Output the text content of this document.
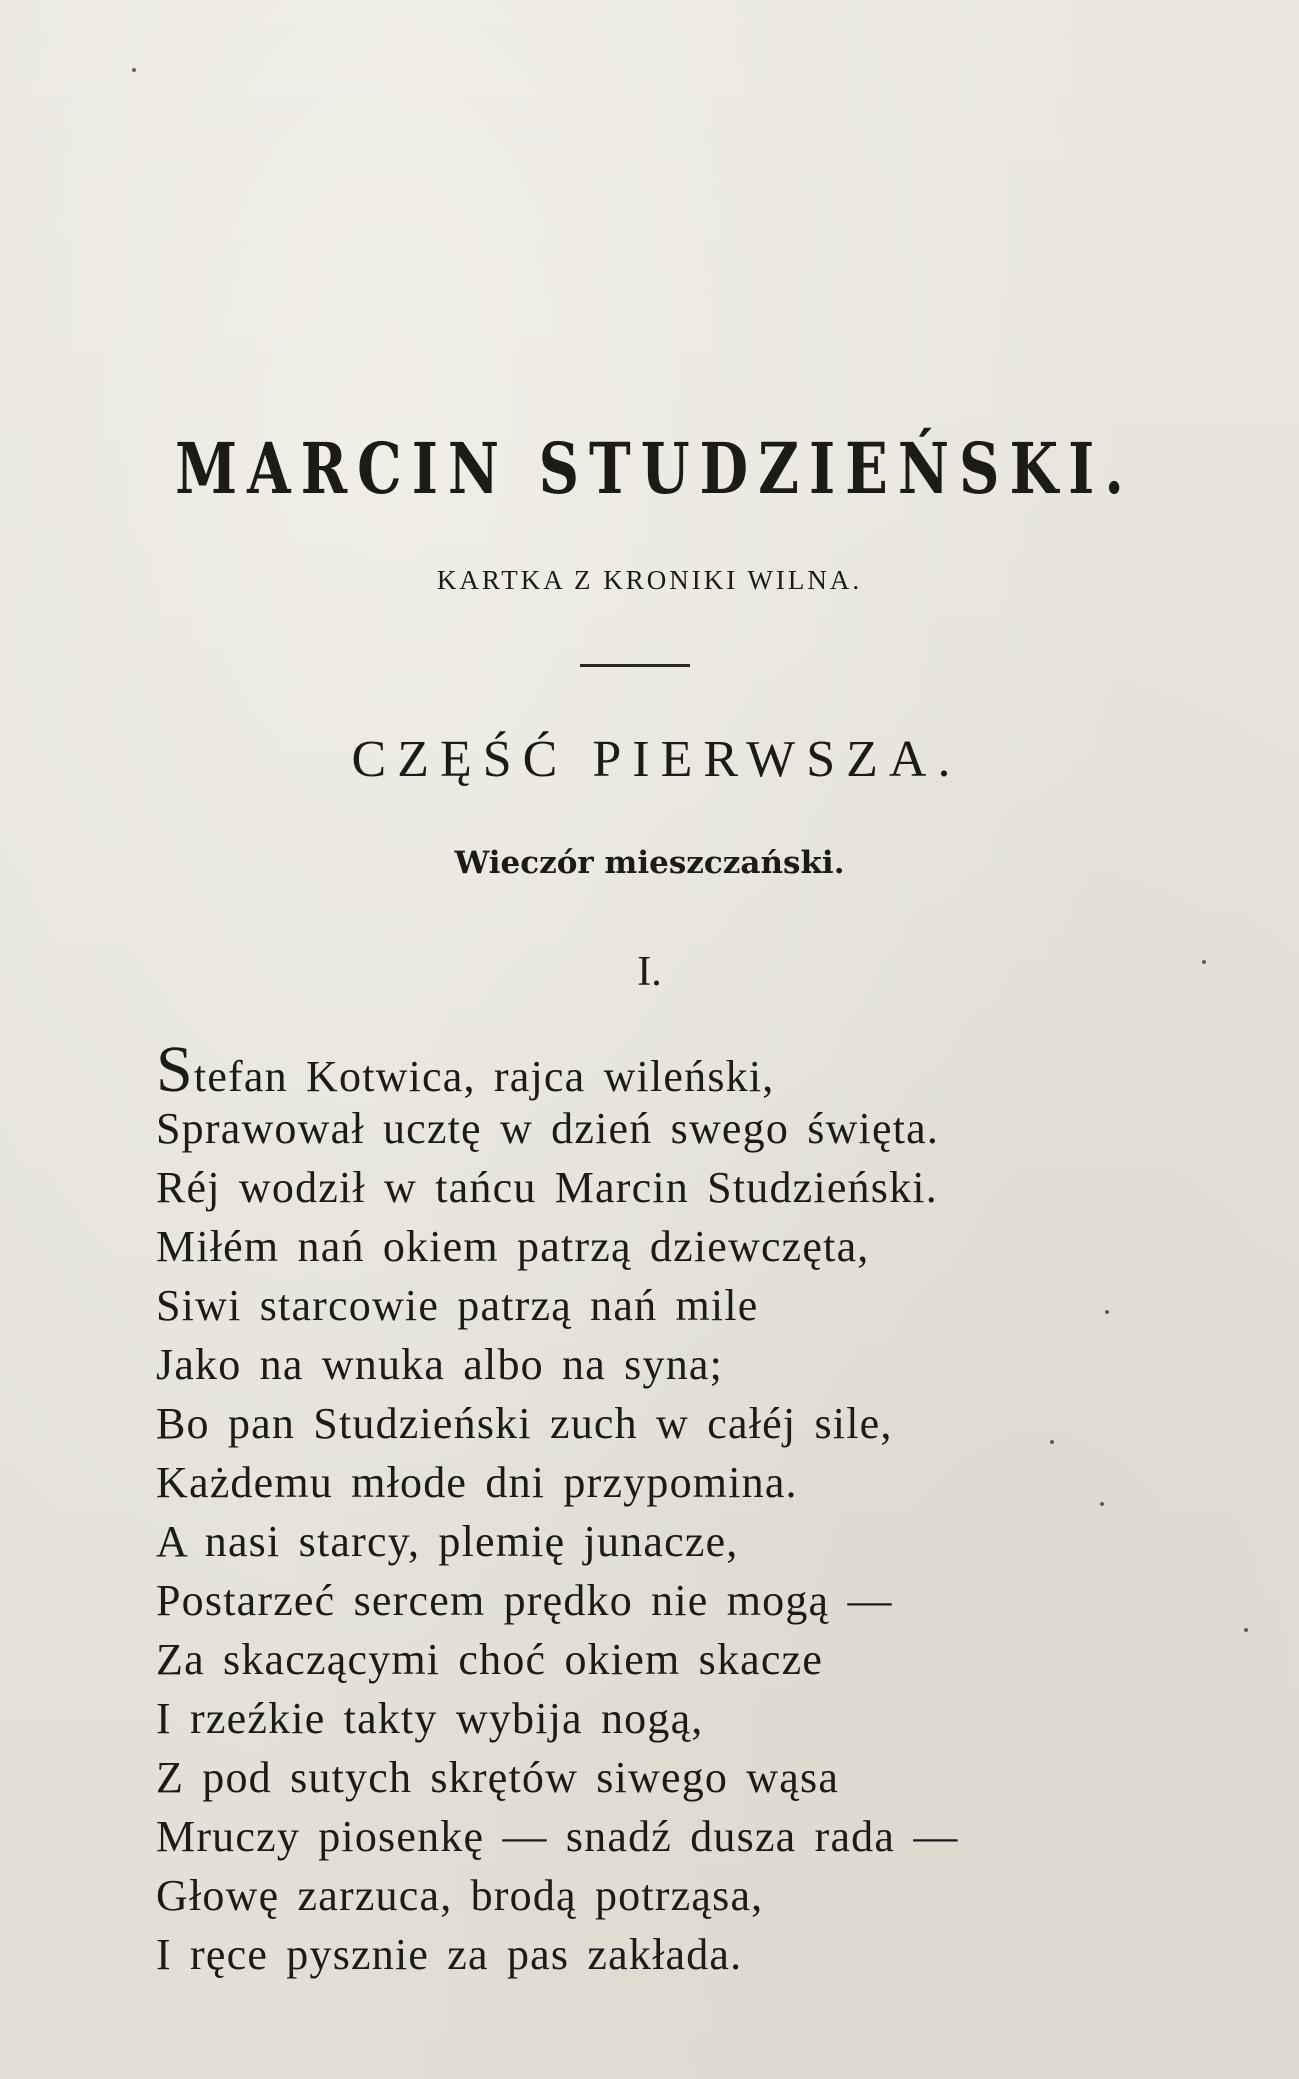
MARCIN STUDZIEŃSKI.
KARTKA Z KRONIKI WILNA.
CZĘŚĆ PIERWSZA.
Wieczór mieszczański.
I.
Stefan Kotwica, rajca wileński,
Sprawował ucztę w dzień swego święta.
Réj wodził w tańcu Marcin Studzieński.
Miłém nań okiem patrzą dziewczęta,
Siwi starcowie patrzą nań mile
Jako na wnuka albo na syna;
Bo pan Studzieński zuch w całéj sile,
Każdemu młode dni przypomina.
A nasi starcy, plemię junacze,
Postarzeć sercem prędko nie mogą —
Za skaczącymi choć okiem skacze
I rzeźkie takty wybija nogą,
Z pod sutych skrętów siwego wąsa
Mruczy piosenkę — snadź dusza rada —
Głowę zarzuca, brodą potrząsa,
I ręce pysznie za pas zakłada.
